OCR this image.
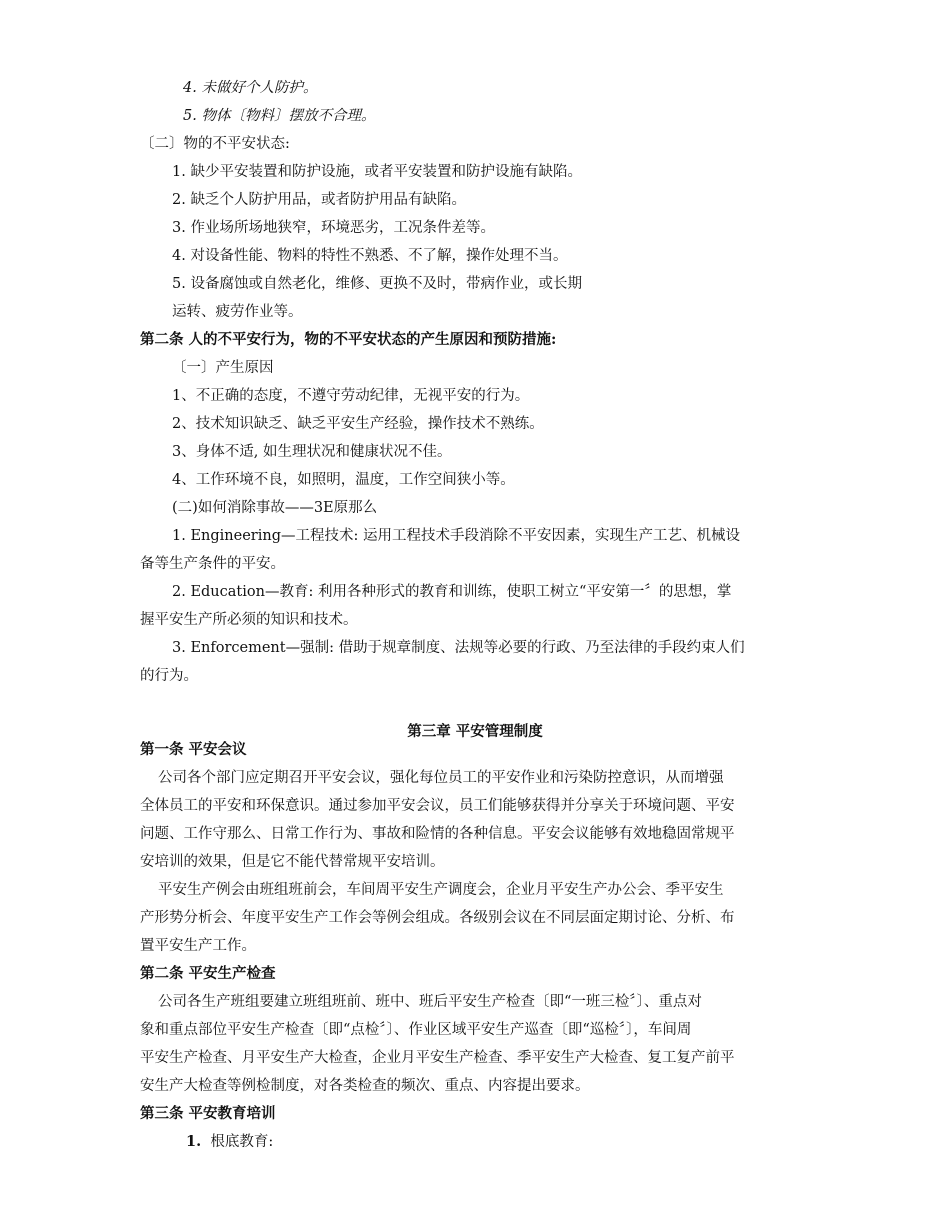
4. 未做好个人防护。
5. 物体〔物料〕摆放不合理。
〔二〕物的不平安状态:
1. 缺少平安装置和防护设施，或者平安装置和防护设施有缺陷。
2. 缺乏个人防护用品，或者防护用品有缺陷。
3. 作业场所场地狭窄，环境恶劣，工况条件差等。
4. 对设备性能、物料的特性不熟悉、不了解，操作处理不当。
5. 设备腐蚀或自然老化，维修、更换不及时，带病作业，或长期
运转、疲劳作业等。
第二条 人的不平安行为，物的不平安状态的产生原因和预防措施:
〔一〕产生原因
1、不正确的态度，不遵守劳动纪律，无视平安的行为。
2、技术知识缺乏、缺乏平安生产经验，操作技术不熟练。
3、身体不适, 如生理状况和健康状况不佳。
4、工作环境不良，如照明，温度，工作空间狭小等。
(二)如何消除事故——3E原那么
1. Engineering—工程技术: 运用工程技术手段消除不平安因素，实现生产工艺、机械设
备等生产条件的平安。
2. Education—教育: 利用各种形式的教育和训练，使职工树立“平安第一〞的思想，掌
握平安生产所必须的知识和技术。
3. Enforcement—强制: 借助于规章制度、法规等必要的行政、乃至法律的手段约束人们
的行为。
第三章 平安管理制度
第一条 平安会议
公司各个部门应定期召开平安会议，强化每位员工的平安作业和污染防控意识，从而增强
全体员工的平安和环保意识。通过参加平安会议，员工们能够获得并分享关于环境问题、平安
问题、工作守那么、日常工作行为、事故和险情的各种信息。平安会议能够有效地稳固常规平
安培训的效果，但是它不能代替常规平安培训。
平安生产例会由班组班前会，车间周平安生产调度会，企业月平安生产办公会、季平安生
产形势分析会、年度平安生产工作会等例会组成。各级别会议在不同层面定期讨论、分析、布
置平安生产工作。
第二条 平安生产检查
公司各生产班组要建立班组班前、班中、班后平安生产检查〔即“一班三检〞〕、重点对
象和重点部位平安生产检查〔即“点检〞〕、作业区域平安生产巡查〔即“巡检〞〕，车间周
平安生产检查、月平安生产大检查，企业月平安生产检查、季平安生产大检查、复工复产前平
安生产大检查等例检制度，对各类检查的频次、重点、内容提出要求。
第三条 平安教育培训
1. 根底教育:
